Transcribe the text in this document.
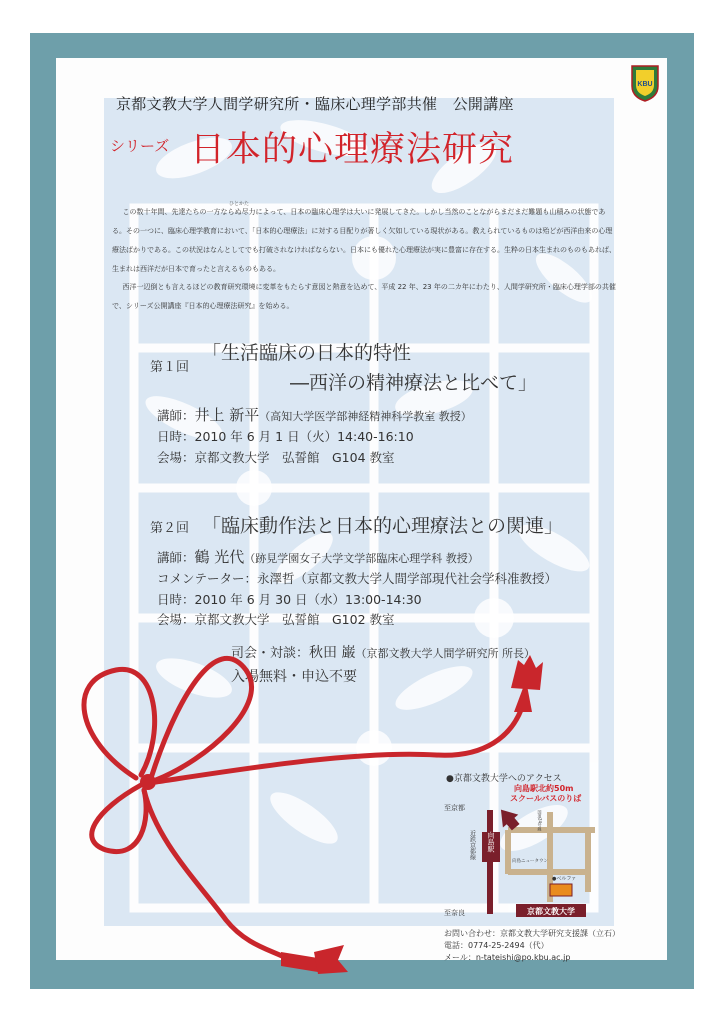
KBU
京都文教大学人間学研究所・臨床心理学部共催　公開講座
シリーズ 日本的心理療法研究
ひとかた
この数十年間、先達たちの一方ならぬ尽力によって、日本の臨床心理学は大いに発展してきた。しかし当然のことながらまだまだ難題も山積みの状態である。その一つに、臨床心理学教育において、「日本的心理療法」に対する目配りが著しく欠如している現状がある。教えられているものは殆どが西洋由来の心理療法ばかりである。この状況はなんとしてでも打破されなければならない。日本にも優れた心理療法が実に豊富に存在する。生粋の日本生まれのものもあれば、生まれは西洋だが日本で育ったと言えるものもある。
西洋一辺倒とも言えるほどの教育研究環境に変革をもたらす意図と熱意を込めて、平成 22 年、23 年の二カ年にわたり、人間学研究所・臨床心理学部の共催で、シリーズ公開講座『日本的心理療法研究』を始める。
第１回
「生活臨床の日本的特性
―西洋の精神療法と比べて」
講師：井上 新平（高知大学医学部神経精神科学教室 教授）
日時：2010 年 6 月 1 日（火）14:40-16:10
会場：京都文教大学　弘誓館　G104 教室
第２回 「臨床動作法と日本的心理療法との関連」
講師：鶴 光代（跡見学園女子大学文学部臨床心理学科 教授）
コメンテーター：永澤哲（京都文教大学人間学部現代社会学科准教授）
日時：2010 年 6 月 30 日（水）13:00-14:30
会場：京都文教大学　弘誓館　G102 教室
司会・対談：秋田 巌（京都文教大学人間学研究所 所長）
入場無料・申込不要
●京都文教大学へのアクセス
向島駅
向島駅北約50m
スクールバスのりば
至京都
至奈良
近鉄京都線
国道24号線
向島ニュータウン
●ベルファ
京都文教大学
お問い合わせ：京都文教大学研究支援課（立石）
電話：0774-25-2494（代）
メール：n-tateishi@po.kbu.ac.jp
